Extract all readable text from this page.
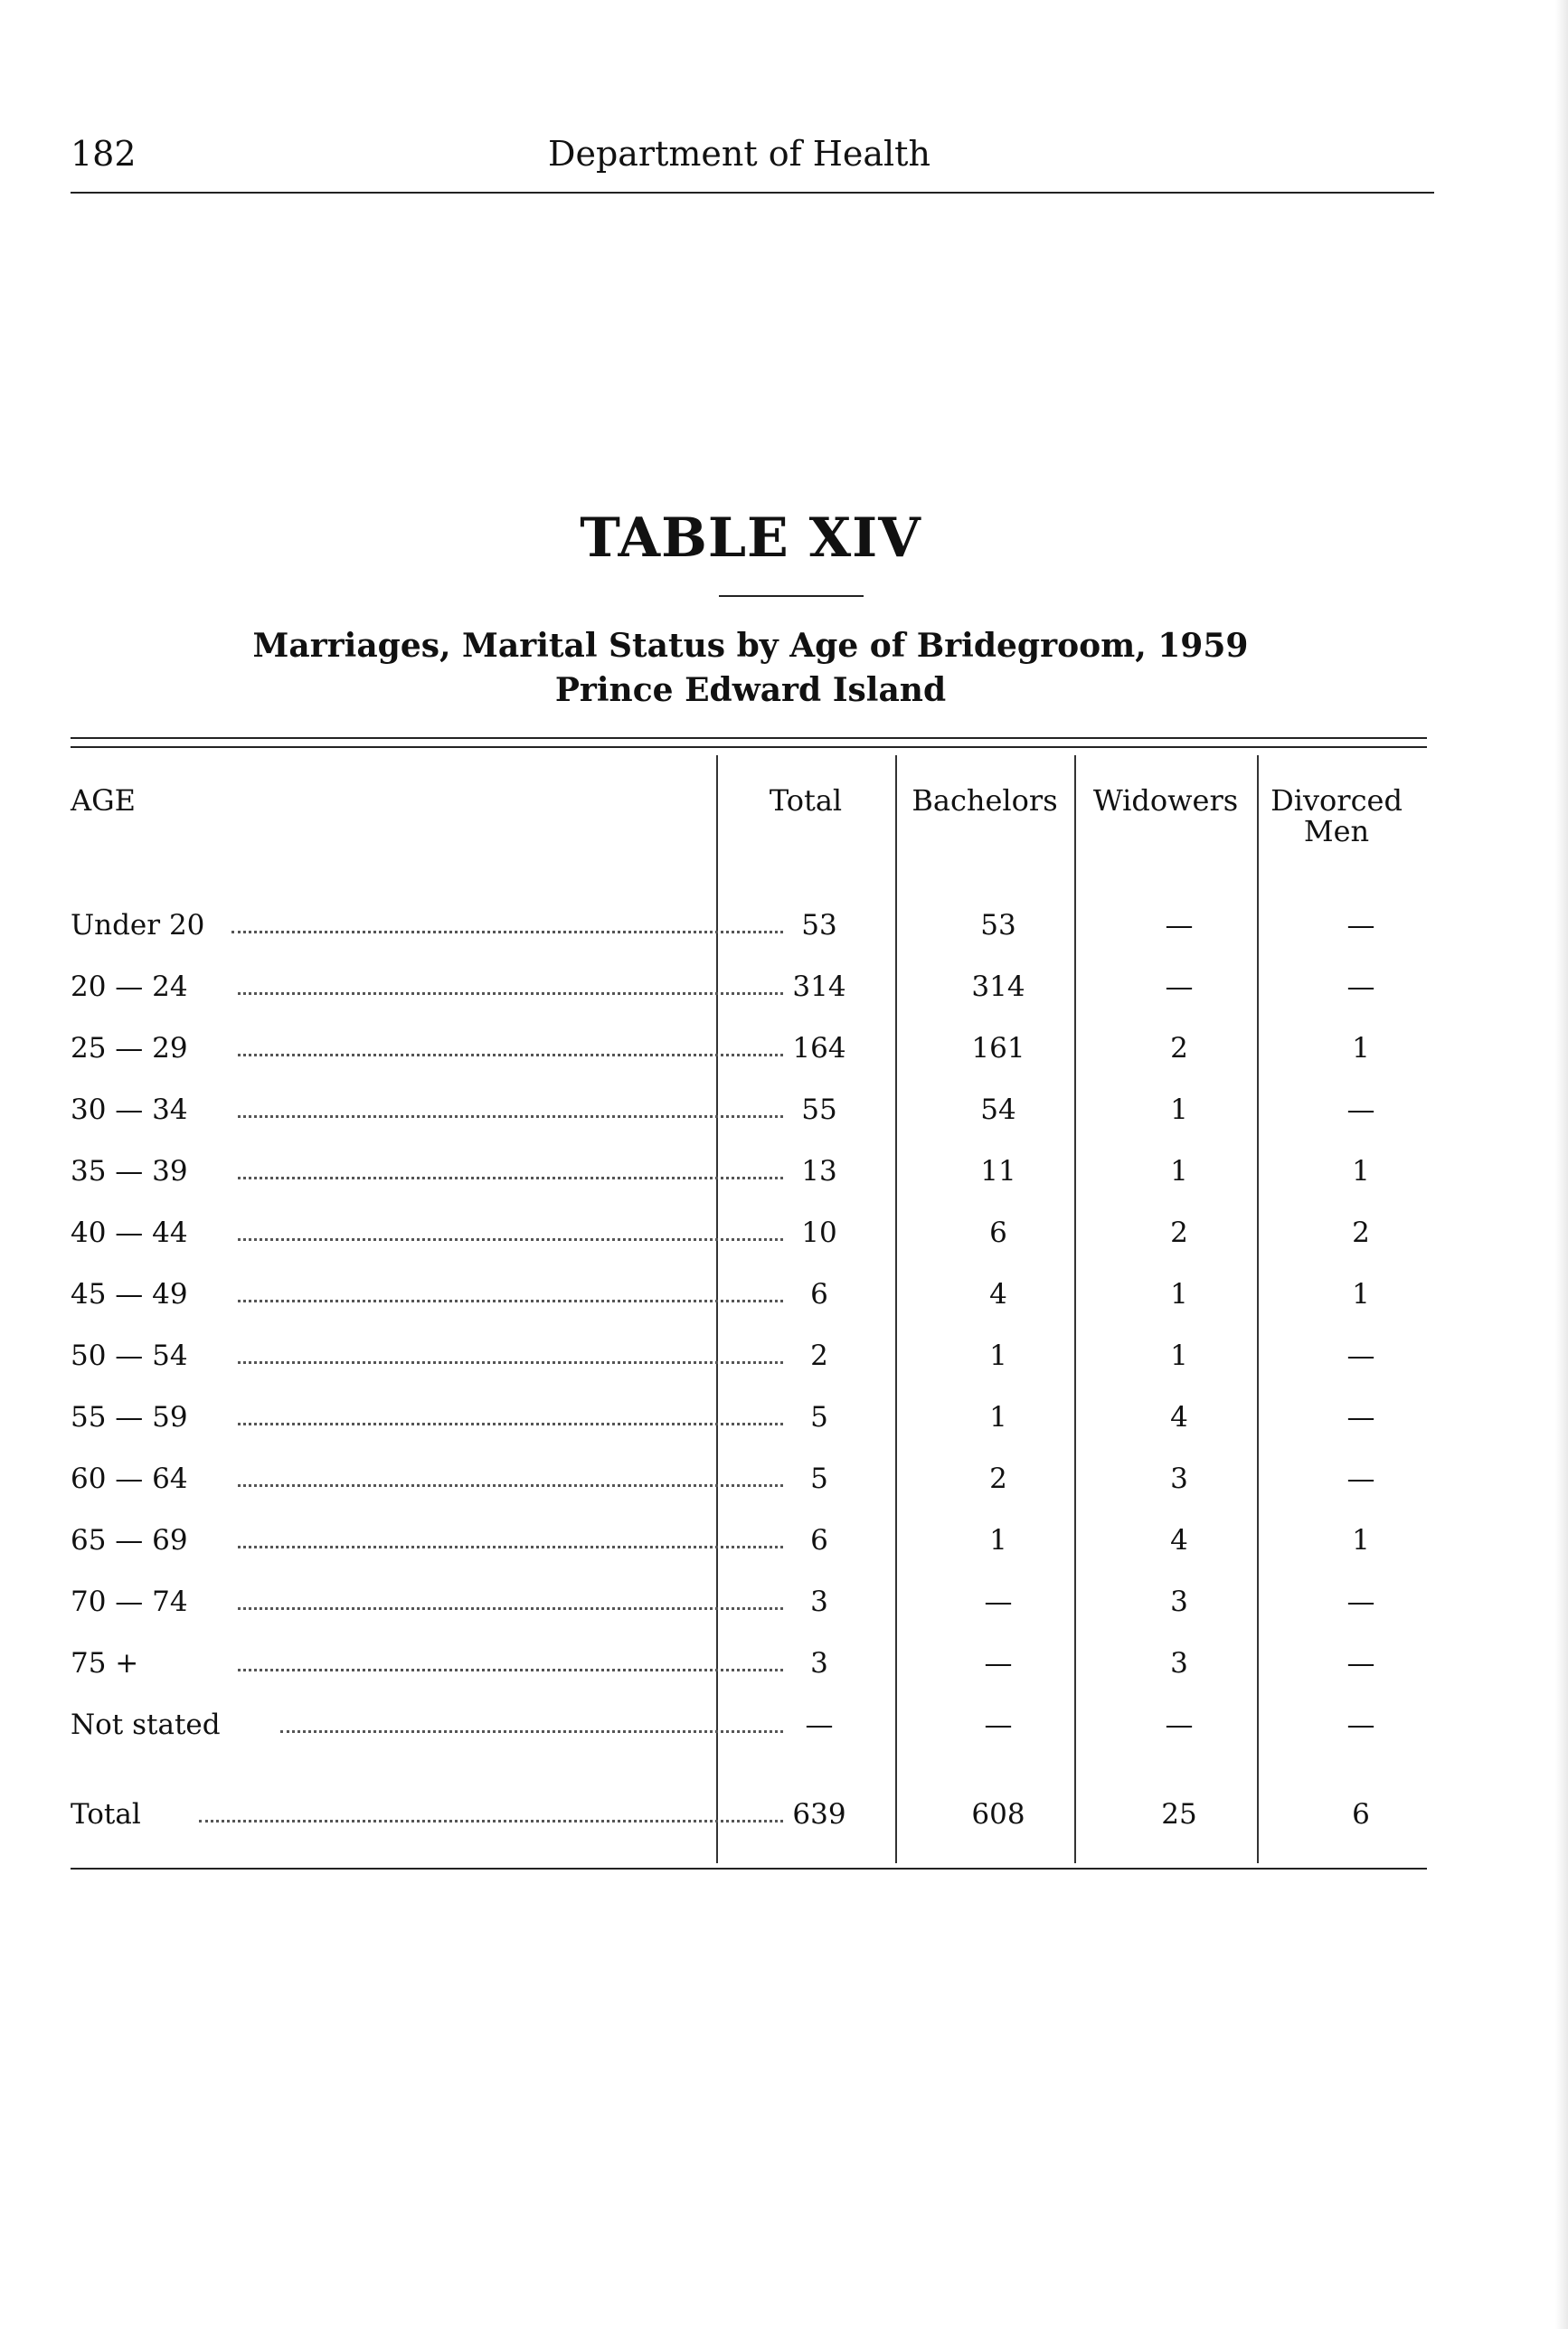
182	Department of Health
TABLE XIV
Marriages, Marital Status by Age of Bridegroom, 1959
Prince Edward Island
AGE	Total	Bachelors	Widowers	Divorced Men
Under 20	53	53	—	—
20 — 24	314	314	—	—
25 — 29	164	161	2	1
30 — 34	55	54	1	—
35 — 39	13	11	1	1
40 — 44	10	6	2	2
45 — 49	6	4	1	1
50 — 54	2	1	1	—
55 — 59	5	1	4	—
60 — 64	5	2	3	—
65 — 69	6	1	4	1
70 — 74	3	—	3	—
75 +	3	—	3	—
Not stated	—	—	—	—
Total	639	608	25	6
